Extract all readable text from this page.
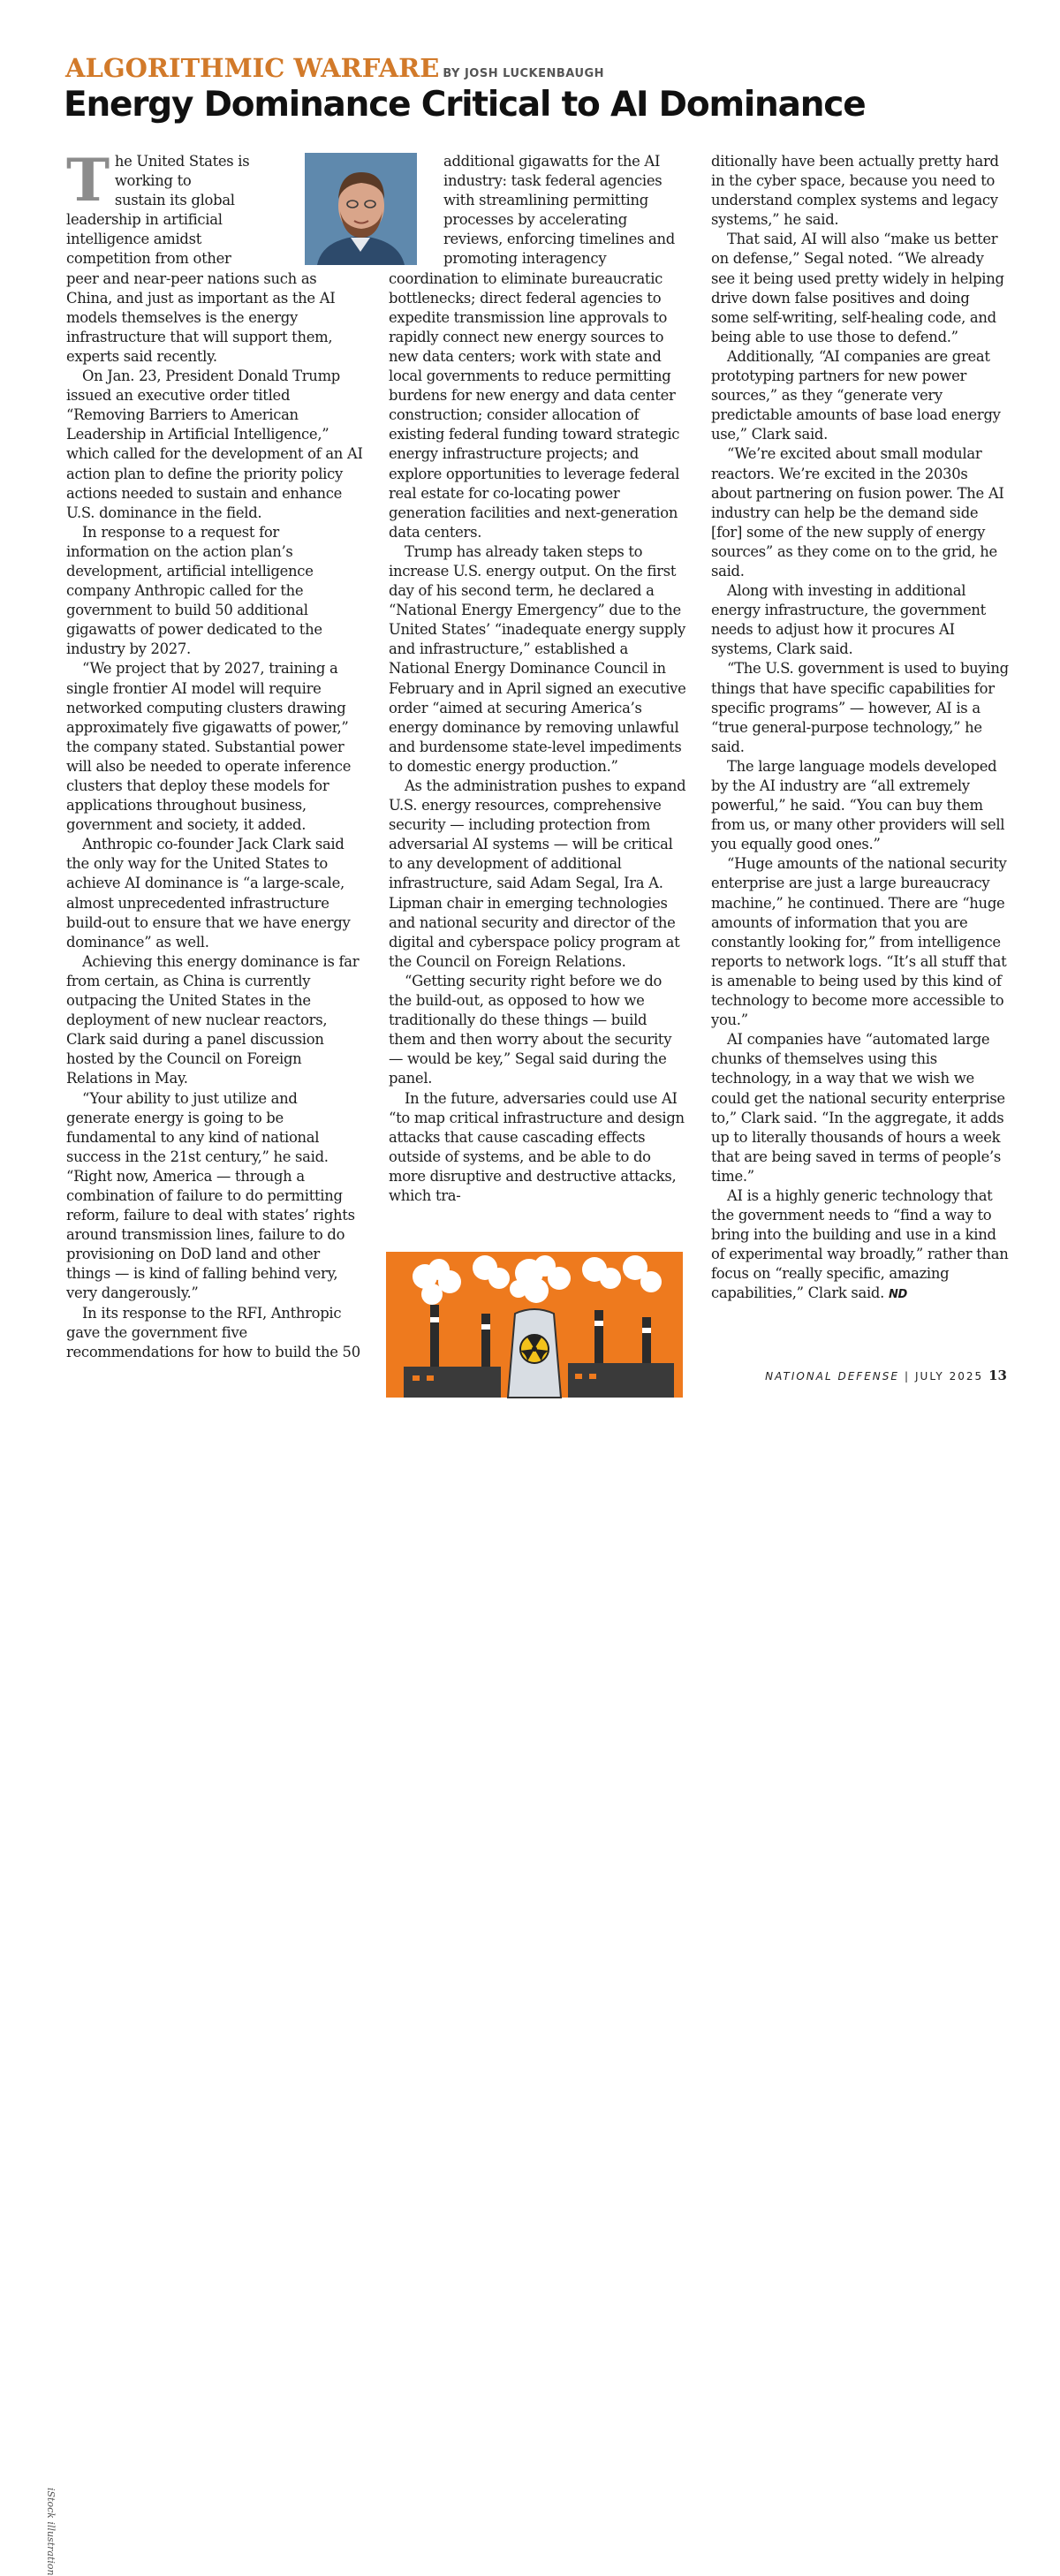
ALGORITHMIC WARFARE BY JOSH LUCKENBAUGH
Energy Dominance Critical to AI Dominance

The United States is working to sustain its global leadership in artificial intelligence amidst competition from other peer and near-peer nations such as China, and just as important as the AI models themselves is the energy infrastructure that will support them, experts said recently.

On Jan. 23, President Donald Trump issued an executive order titled “Removing Barriers to American Leadership in Artificial Intelligence,” which called for the development of an AI action plan to define the priority policy actions needed to sustain and enhance U.S. dominance in the field.

In response to a request for information on the action plan’s development, artificial intelligence company Anthropic called for the government to build 50 additional gigawatts of power dedicated to the industry by 2027.

“We project that by 2027, training a single frontier AI model will require networked computing clusters drawing approximately five gigawatts of power,” the company stated. Substantial power will also be needed to operate inference clusters that deploy these models for applications throughout business, government and society, it added.

Anthropic co-founder Jack Clark said the only way for the United States to achieve AI dominance is “a large-scale, almost unprecedented infrastructure build-out to ensure that we have energy dominance” as well.

Achieving this energy dominance is far from certain, as China is currently outpacing the United States in the deployment of new nuclear reactors, Clark said during a panel discussion hosted by the Council on Foreign Relations in May.

“Your ability to just utilize and generate energy is going to be fundamental to any kind of national success in the 21st century,” he said. “Right now, America — through a combination of failure to do permitting reform, failure to deal with states’ rights around transmission lines, failure to do provisioning on DoD land and other things — is kind of falling behind very, very dangerously.”

In its response to the RFI, Anthropic gave the government five recommendations for how to build the 50

additional gigawatts for the AI industry: task federal agencies with streamlining permitting processes by accelerating reviews, enforcing timelines and promoting interagency coordination to eliminate bureaucratic bottlenecks; direct federal agencies to expedite transmission line approvals to rapidly connect new energy sources to new data centers; work with state and local governments to reduce permitting burdens for new energy and data center construction; consider allocation of existing federal funding toward strategic energy infrastructure projects; and explore opportunities to leverage federal real estate for co-locating power generation facilities and next-generation data centers.

Trump has already taken steps to increase U.S. energy output. On the first day of his second term, he declared a “National Energy Emergency” due to the United States’ “inadequate energy supply and infrastructure,” established a National Energy Dominance Council in February and in April signed an executive order “aimed at securing America’s energy dominance by removing unlawful and burdensome state-level impediments to domestic energy production.”

As the administration pushes to expand U.S. energy resources, comprehensive security — including protection from adversarial AI systems — will be critical to any development of additional infrastructure, said Adam Segal, Ira A. Lipman chair in emerging technologies and national security and director of the digital and cyberspace policy program at the Council on Foreign Relations.

“Getting security right before we do the build-out, as opposed to how we traditionally do these things — build them and then worry about the security — would be key,” Segal said during the panel.

In the future, adversaries could use AI “to map critical infrastructure and design attacks that cause cascading effects outside of systems, and be able to do more disruptive and destructive attacks, which tra-

ditionally have been actually pretty hard in the cyber space, because you need to understand complex systems and legacy systems,” he said.

That said, AI will also “make us better on defense,” Segal noted. “We already see it being used pretty widely in helping drive down false positives and doing some self-writing, self-healing code, and being able to use those to defend.”

Additionally, “AI companies are great prototyping partners for new power sources,” as they “generate very predictable amounts of base load energy use,” Clark said.

“We’re excited about small modular reactors. We’re excited in the 2030s about partnering on fusion power. The AI industry can help be the demand side [for] some of the new supply of energy sources” as they come on to the grid, he said.

Along with investing in additional energy infrastructure, the government needs to adjust how it procures AI systems, Clark said.

“The U.S. government is used to buying things that have specific capabilities for specific programs” — however, AI is a “true general-purpose technology,” he said.

The large language models developed by the AI industry are “all extremely powerful,” he said. “You can buy them from us, or many other providers will sell you equally good ones.”

“Huge amounts of the national security enterprise are just a large bureaucracy machine,” he continued. There are “huge amounts of information that you are constantly looking for,” from intelligence reports to network logs. “It’s all stuff that is amenable to being used by this kind of technology to become more accessible to you.”

AI companies have “automated large chunks of themselves using this technology, in a way that we wish we could get the national security enterprise to,” Clark said. “In the aggregate, it adds up to literally thousands of hours a week that are being saved in terms of people’s time.”

AI is a highly generic technology that the government needs to “find a way to bring into the building and use in a kind of experimental way broadly,” rather than focus on “really specific, amazing capabilities,” Clark said. ND

iStock illustration
NATIONAL DEFENSE | JULY 2025 13
